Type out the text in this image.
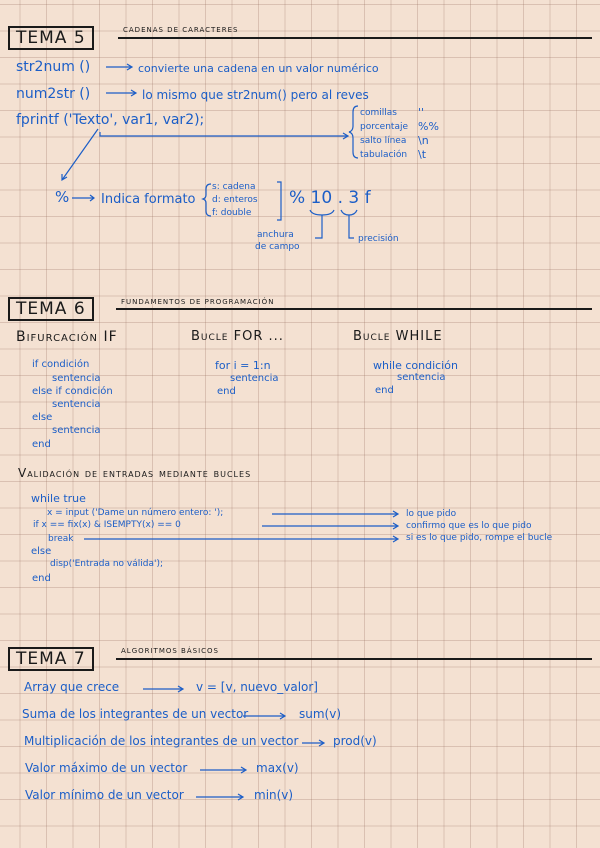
TEMA 5	CADENAS DE CARACTERES
str2num ()	convierte una cadena en un valor numérico
num2str ()	lo mismo que str2num() pero al reves
fprintf ('Texto', var1, var2);	comillas ''
porcentaje %%
salto línea \n
tabulación \t
% Indica formato
s: cadena
d: enteros
f: double
% 10 . 3 f
anchura
de campo
precisión
TEMA 6	FUNDAMENTOS DE PROGRAMACIÓN
Bifurcación IF	Bucle FOR ...	Bucle WHILE
if condición
sentencia
else if condición
sentencia
else
sentencia
end
for i = 1:n
sentencia
end
while condición
sentencia
end
Validación de entradas mediante bucles
while true
x = input ('Dame un número entero: ');
if x == fix(x) & ISEMPTY(x) == 0
break
else
disp('Entrada no válida');
end
lo que pido
confirmo que es lo que pido
si es lo que pido, rompe el bucle
TEMA 7	ALGORITMOS BÁSICOS
Array que crece	v = [v, nuevo_valor]
Suma de los integrantes de un vector	sum(v)
Multiplicación de los integrantes de un vector	prod(v)
Valor máximo de un vector	max(v)
Valor mínimo de un vector	min(v)
